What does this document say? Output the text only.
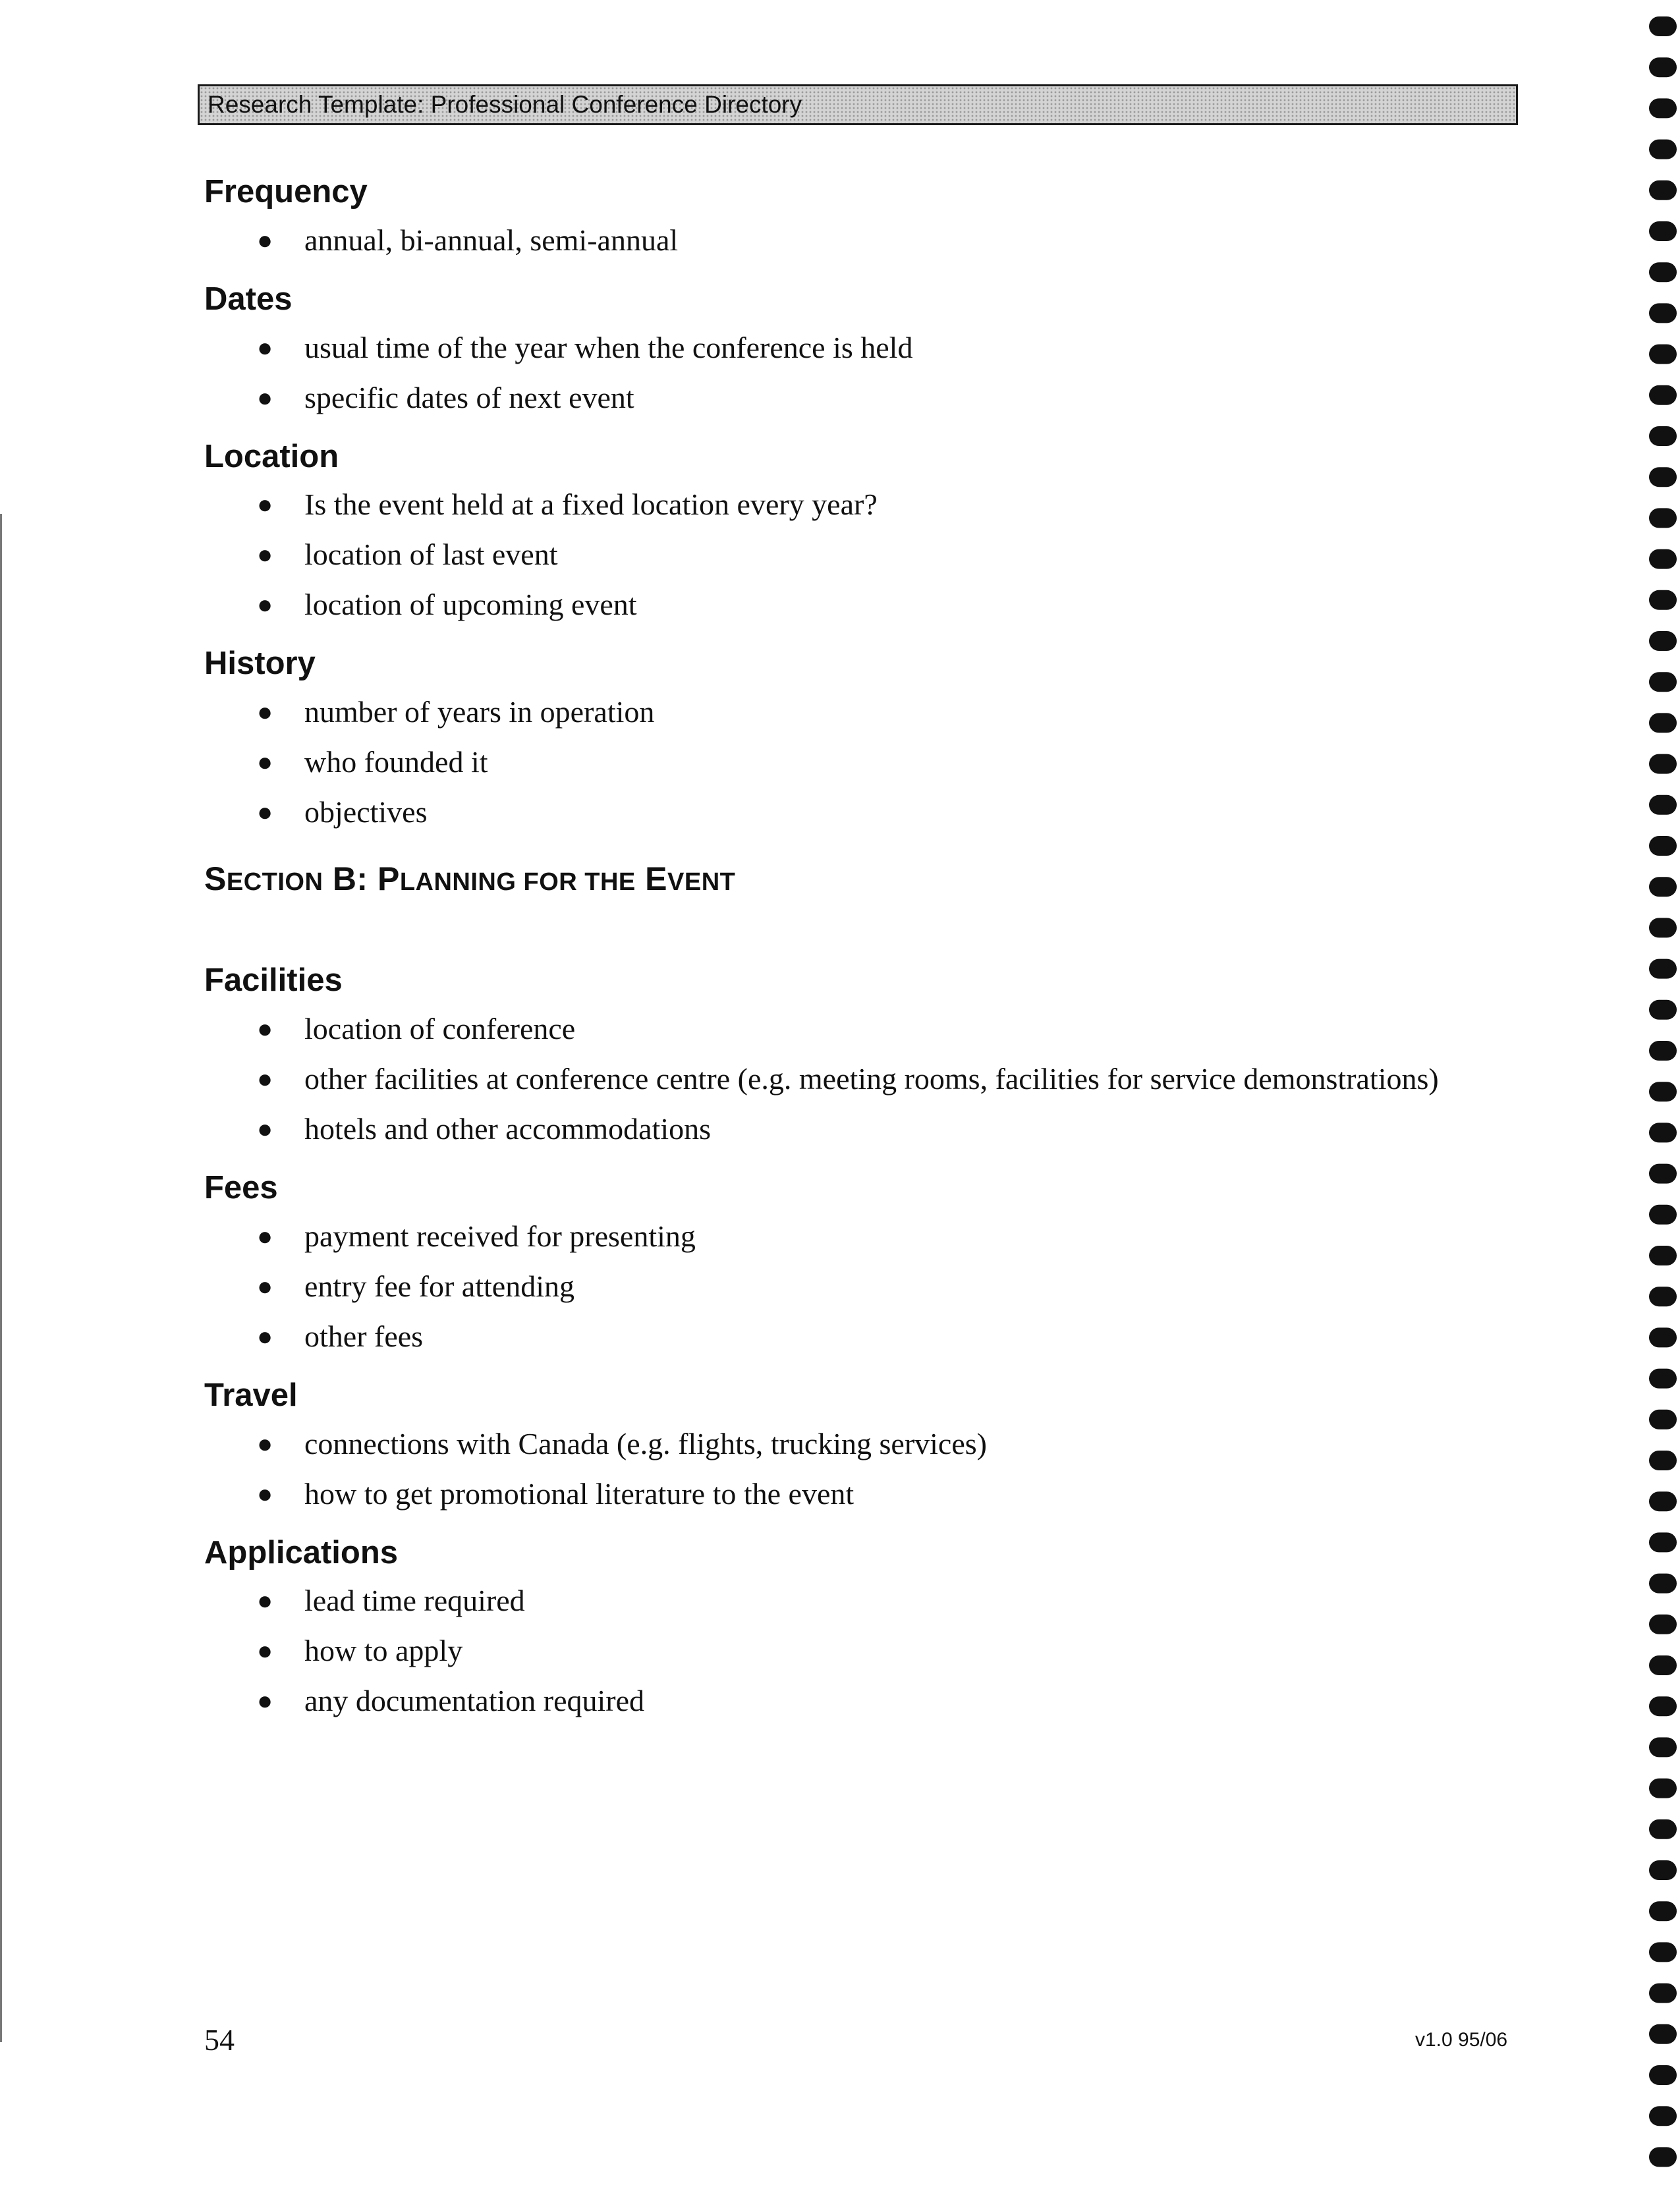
Research Template: Professional Conference Directory
Frequency
● annual, bi-annual, semi-annual
Dates
● usual time of the year when the conference is held
● specific dates of next event
Location
● Is the event held at a fixed location every year?
● location of last event
● location of upcoming event
History
● number of years in operation
● who founded it
● objectives
SECTION B: PLANNING FOR THE EVENT
Facilities
● location of conference
● other facilities at conference centre (e.g. meeting rooms, facilities for service demonstrations)
● hotels and other accommodations
Fees
● payment received for presenting
● entry fee for attending
● other fees
Travel
● connections with Canada (e.g. flights, trucking services)
● how to get promotional literature to the event
Applications
● lead time required
● how to apply
● any documentation required
54	v1.0 95/06
